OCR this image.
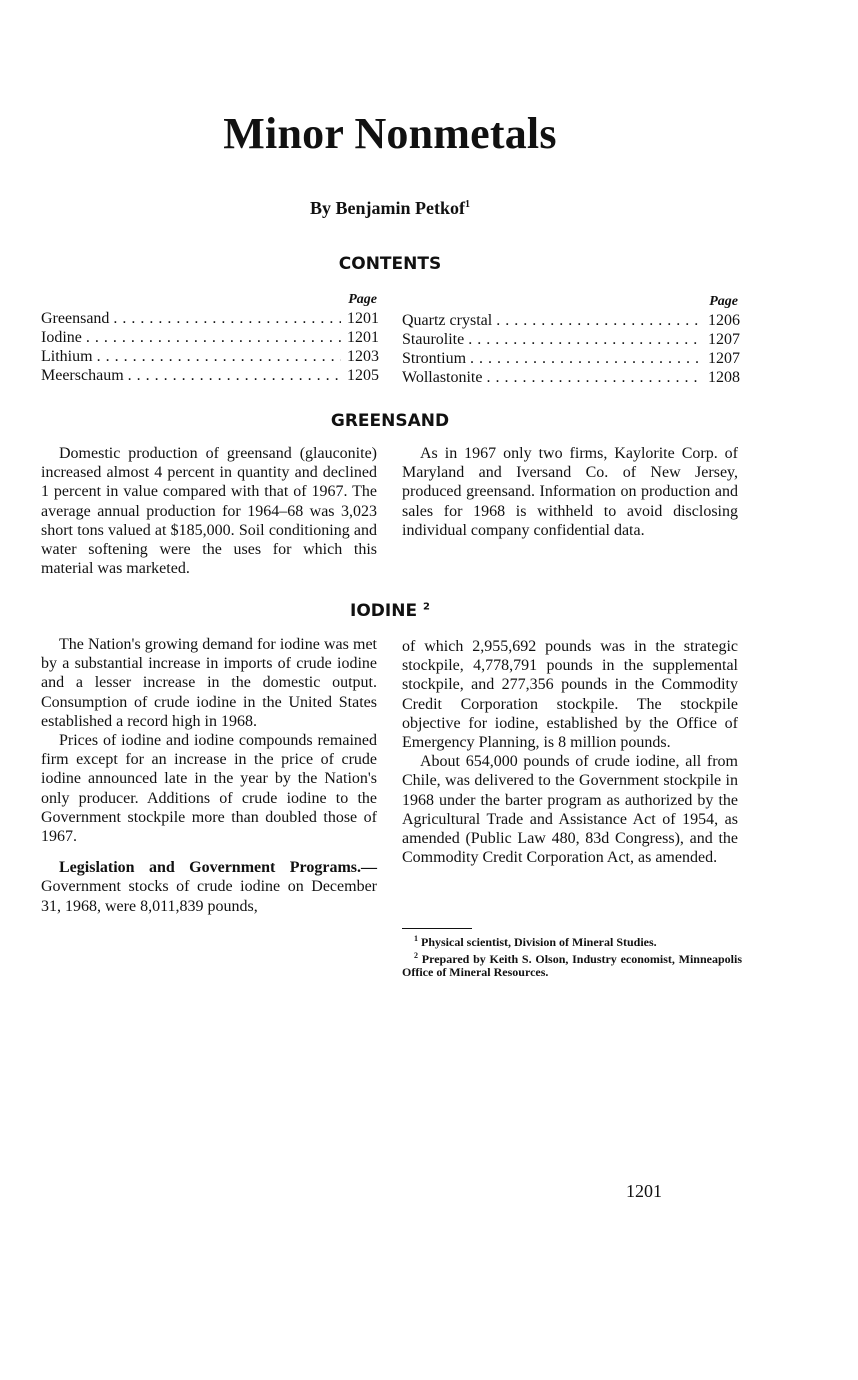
Minor Nonmetals
By Benjamin Petkof$^1$
CONTENTS
Page
Greensand . . .	1201
Iodine . . .	1201
Lithium . . .	1203
Meerschaum . . .	1205
Page
Quartz crystal . . .	1206
Staurolite . . .	1207
Strontium . . .	1207
Wollastonite . . .	1208
GREENSAND

Domestic production of greensand (glauconite) increased almost 4 percent in quantity and declined 1 percent in value compared with that of 1967. The average annual production for 1964–68 was 3,023 short tons valued at $185,000. Soil conditioning and water softening were the uses for which this material was marketed.

As in 1967 only two firms, Kaylorite Corp. of Maryland and Iversand Co. of New Jersey, produced greensand. Information on production and sales for 1968 is withheld to avoid disclosing individual company confidential data.

IODINE $^2$

The Nation's growing demand for iodine was met by a substantial increase in imports of crude iodine and a lesser increase in the domestic output. Consumption of crude iodine in the United States established a record high in 1968.

Prices of iodine and iodine compounds remained firm except for an increase in the price of crude iodine announced late in the year by the Nation's only producer. Additions of crude iodine to the Government stockpile more than doubled those of 1967.

Legislation and Government Programs.— Government stocks of crude iodine on December 31, 1968, were 8,011,839 pounds,

of which 2,955,692 pounds was in the strategic stockpile, 4,778,791 pounds in the supplemental stockpile, and 277,356 pounds in the Commodity Credit Corporation stockpile. The stockpile objective for iodine, established by the Office of Emergency Planning, is 8 million pounds.

About 654,000 pounds of crude iodine, all from Chile, was delivered to the Government stockpile in 1968 under the barter program as authorized by the Agricultural Trade and Assistance Act of 1954, as amended (Public Law 480, 83d Congress), and the Commodity Credit Corporation Act, as amended.

$^1$ Physical scientist, Division of Mineral Studies.

$^2$ Prepared by Keith S. Olson, Industry economist, Minneapolis Office of Mineral Resources.

1201
